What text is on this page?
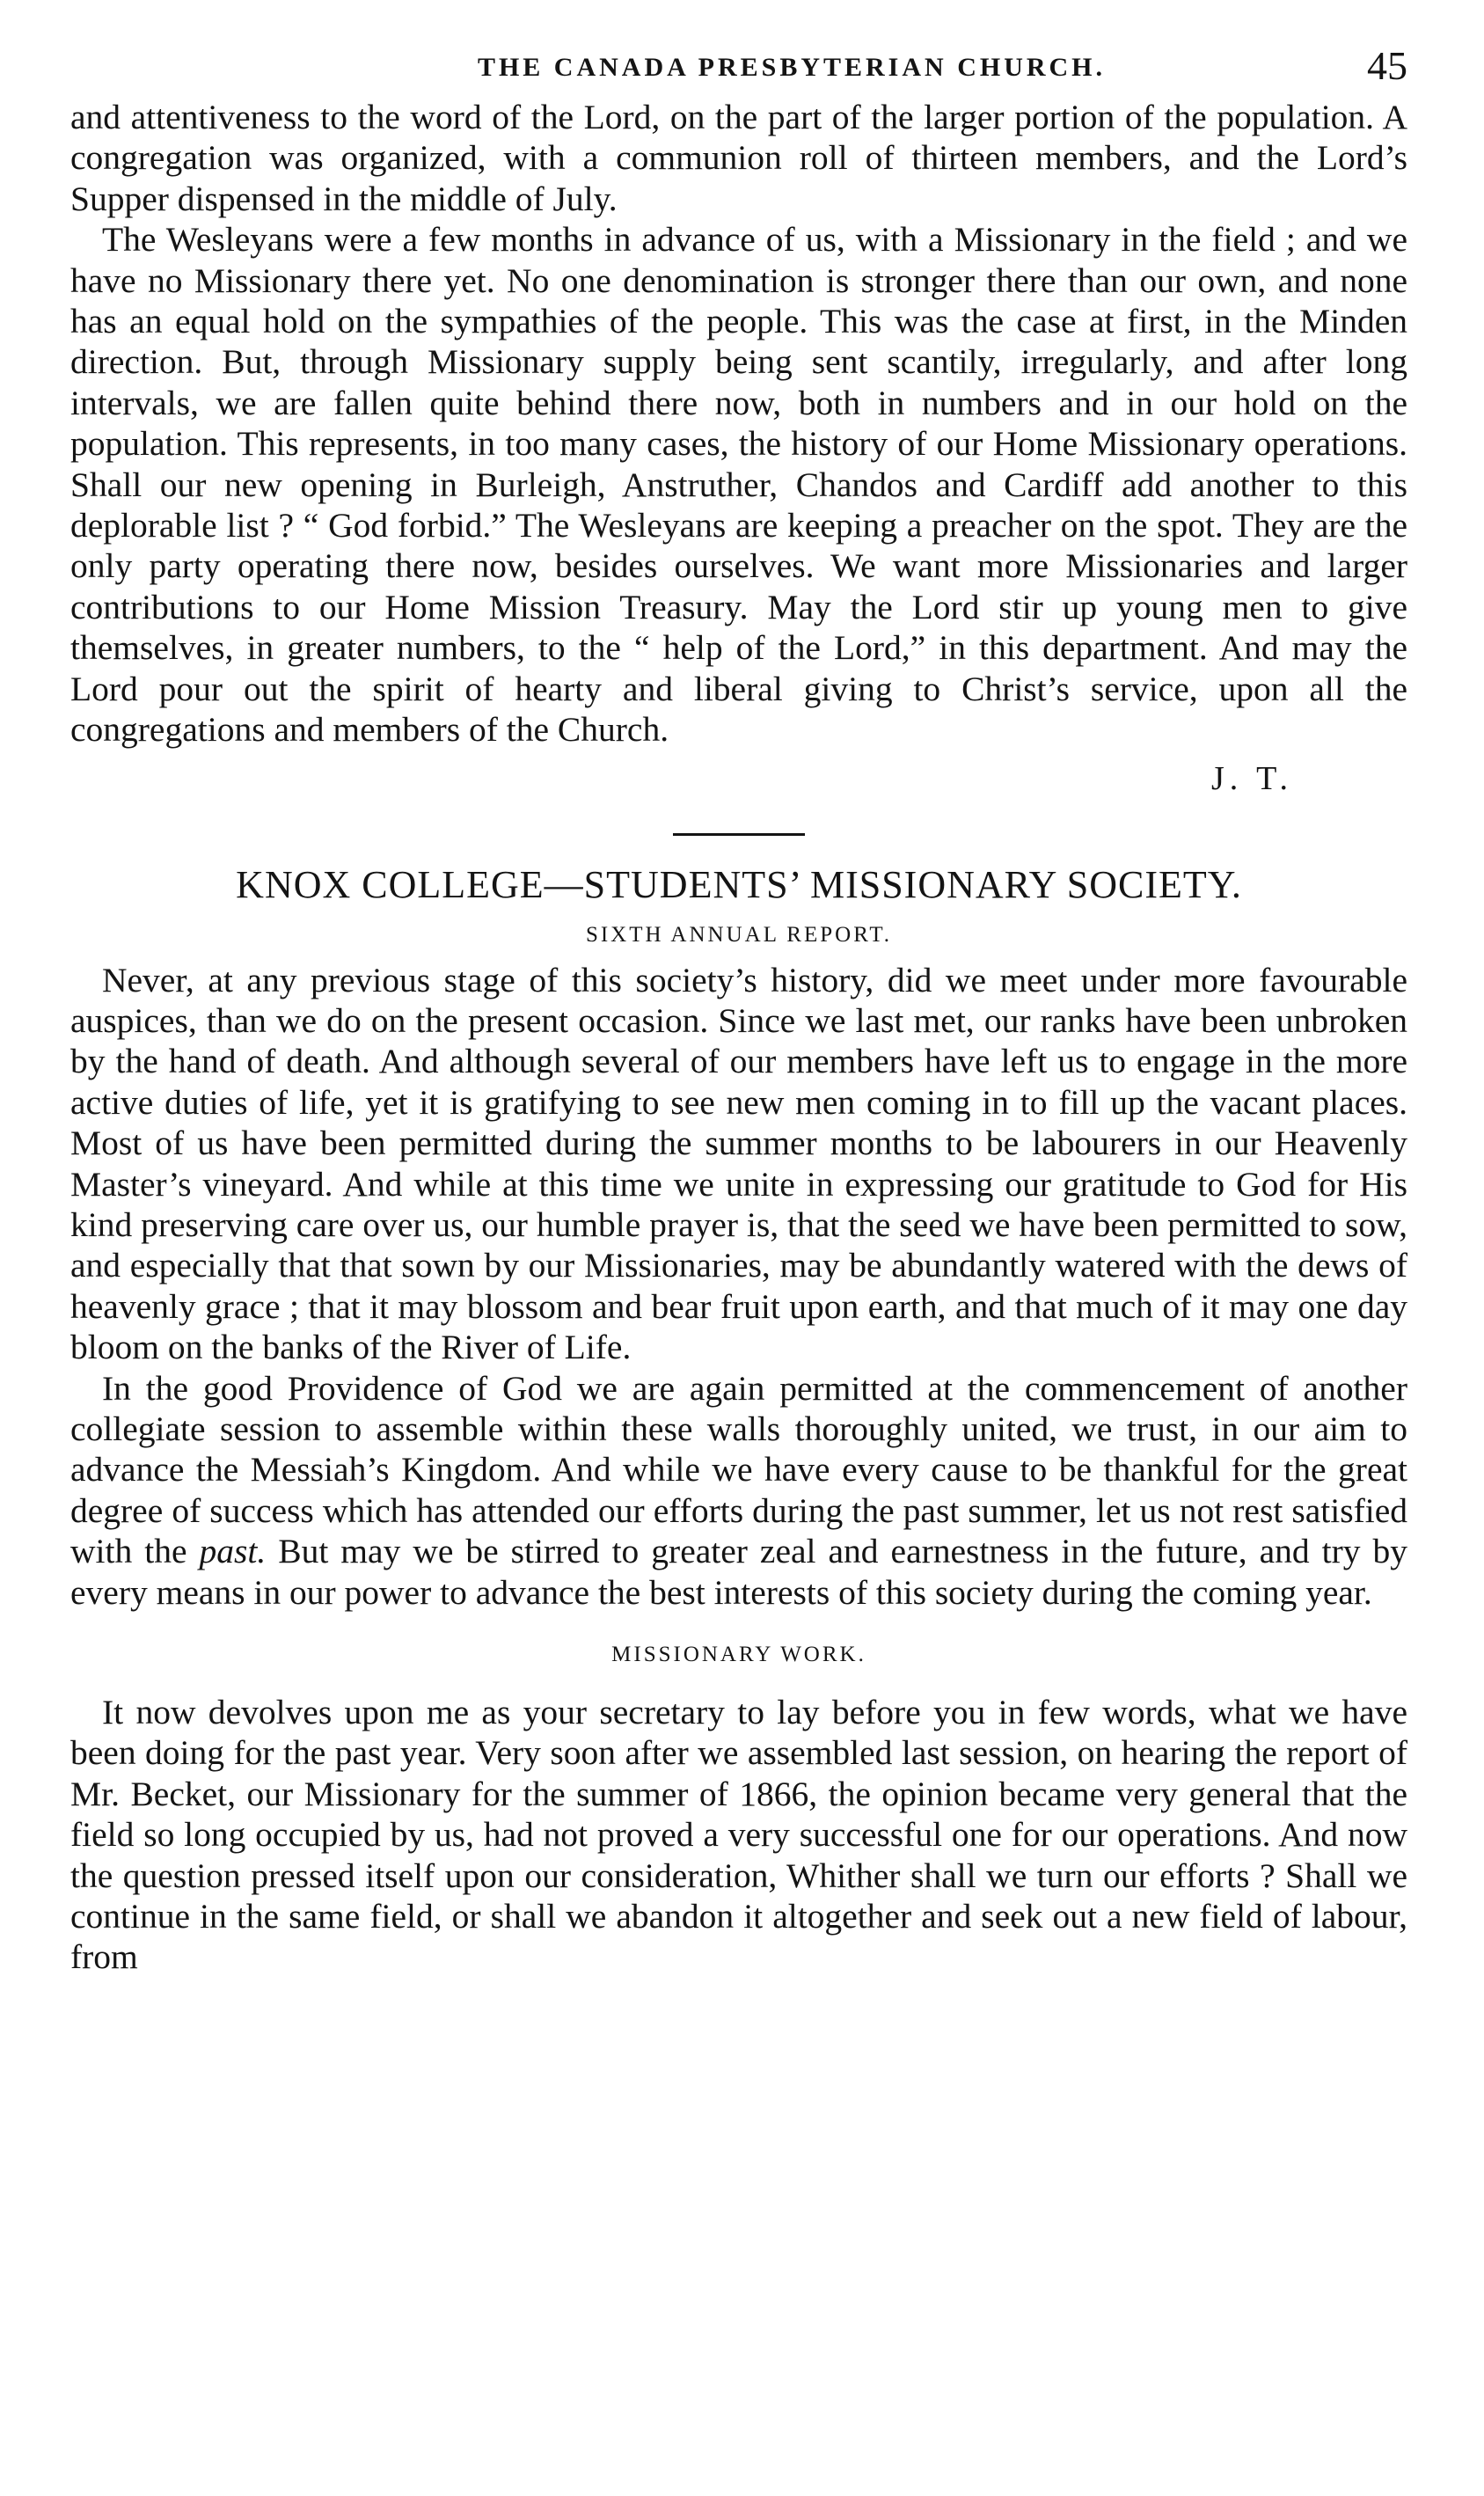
THE CANADA PRESBYTERIAN CHURCH.	45

and attentiveness to the word of the Lord, on the part of the larger portion of the population. A congregation was organized, with a communion roll of thirteen members, and the Lord’s Supper dispensed in the middle of July.

The Wesleyans were a few months in advance of us, with a Missionary in the field ; and we have no Missionary there yet. No one denomination is stronger there than our own, and none has an equal hold on the sympathies of the people. This was the case at first, in the Minden direction. But, through Missionary supply being sent scantily, irregularly, and after long intervals, we are fallen quite behind there now, both in numbers and in our hold on the population. This represents, in too many cases, the history of our Home Missionary operations. Shall our new opening in Burleigh, Anstruther, Chandos and Cardiff add another to this deplorable list ? “ God forbid.” The Wesleyans are keeping a preacher on the spot. They are the only party operating there now, besides ourselves. We want more Missionaries and larger contributions to our Home Mission Treasury. May the Lord stir up young men to give themselves, in greater numbers, to the “ help of the Lord,” in this department. And may the Lord pour out the spirit of hearty and liberal giving to Christ’s service, upon all the congregations and members of the Church.

J. T.
KNOX COLLEGE—STUDENTS’ MISSIONARY SOCIETY.
SIXTH ANNUAL REPORT.

Never, at any previous stage of this society’s history, did we meet under more favourable auspices, than we do on the present occasion. Since we last met, our ranks have been unbroken by the hand of death. And although several of our members have left us to engage in the more active duties of life, yet it is gratifying to see new men coming in to fill up the vacant places. Most of us have been permitted during the summer months to be labourers in our Heavenly Master’s vineyard. And while at this time we unite in expressing our gratitude to God for His kind preserving care over us, our humble prayer is, that the seed we have been permitted to sow, and especially that that sown by our Missionaries, may be abundantly watered with the dews of heavenly grace ; that it may blossom and bear fruit upon earth, and that much of it may one day bloom on the banks of the River of Life.

In the good Providence of God we are again permitted at the commencement of another collegiate session to assemble within these walls thoroughly united, we trust, in our aim to advance the Messiah’s Kingdom. And while we have every cause to be thankful for the great degree of success which has attended our efforts during the past summer, let us not rest satisfied with the past. But may we be stirred to greater zeal and earnestness in the future, and try by every means in our power to advance the best interests of this society during the coming year.

MISSIONARY WORK.

It now devolves upon me as your secretary to lay before you in few words, what we have been doing for the past year. Very soon after we assembled last session, on hearing the report of Mr. Becket, our Missionary for the summer of 1866, the opinion became very general that the field so long occupied by us, had not proved a very successful one for our operations. And now the question pressed itself upon our consideration, Whither shall we turn our efforts ? Shall we continue in the same field, or shall we abandon it altogether and seek out a new field of labour, from
